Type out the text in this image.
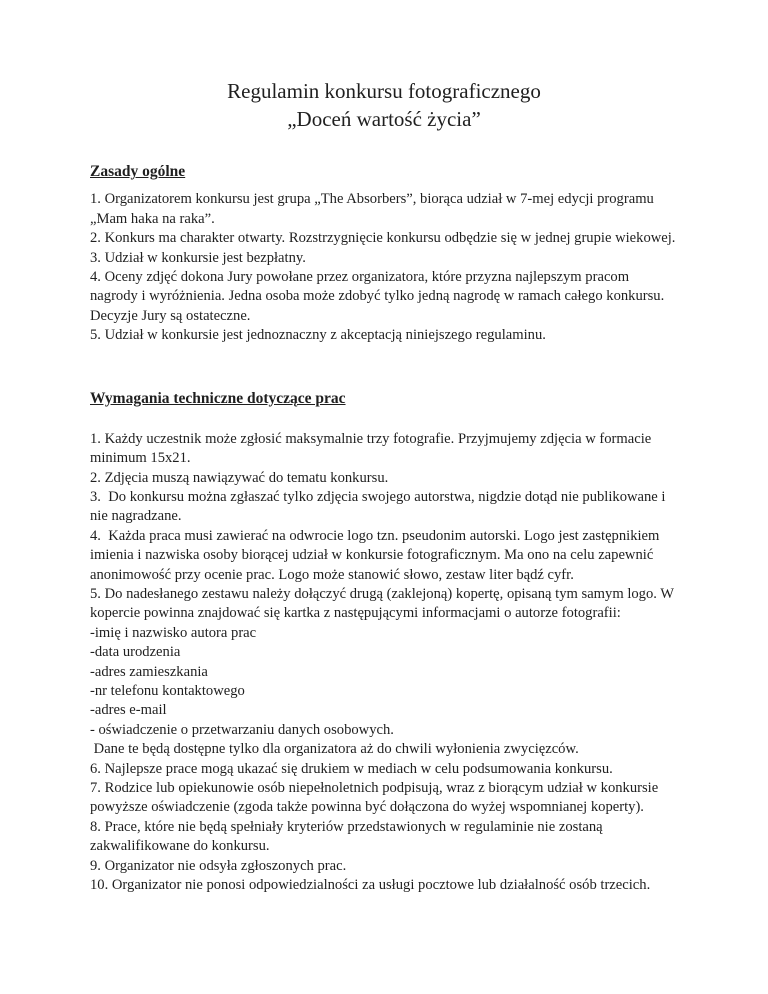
Regulamin konkursu fotograficznego
„Doceń wartość życia”
Zasady ogólne

1. Organizatorem konkursu jest grupa „The Absorbers”, biorąca udział w 7-mej edycji programu „Mam haka na raka”.

2. Konkurs ma charakter otwarty. Rozstrzygnięcie konkursu odbędzie się w jednej grupie wiekowej.

3. Udział w konkursie jest bezpłatny.

4. Oceny zdjęć dokona Jury powołane przez organizatora, które przyzna najlepszym pracom nagrody i wyróżnienia. Jedna osoba może zdobyć tylko jedną nagrodę w ramach całego konkursu. Decyzje Jury są ostateczne.

5. Udział w konkursie jest jednoznaczny z akceptacją niniejszego regulaminu.

Wymagania techniczne dotyczące prac

1. Każdy uczestnik może zgłosić maksymalnie trzy fotografie. Przyjmujemy zdjęcia w formacie minimum 15x21.

2. Zdjęcia muszą nawiązywać do tematu konkursu.

3.  Do konkursu można zgłaszać tylko zdjęcia swojego autorstwa, nigdzie dotąd nie publikowane i nie nagradzane.

4.  Każda praca musi zawierać na odwrocie logo tzn. pseudonim autorski. Logo jest zastępnikiem imienia i nazwiska osoby biorącej udział w konkursie fotograficznym. Ma ono na celu zapewnić anonimowość przy ocenie prac. Logo może stanowić słowo, zestaw liter bądź cyfr.

5. Do nadesłanego zestawu należy dołączyć drugą (zaklejoną) kopertę, opisaną tym samym logo. W kopercie powinna znajdować się kartka z następującymi informacjami o autorze fotografii:

-imię i nazwisko autora prac

-data urodzenia

-adres zamieszkania

-nr telefonu kontaktowego

-adres e-mail

- oświadczenie o przetwarzaniu danych osobowych.

Dane te będą dostępne tylko dla organizatora aż do chwili wyłonienia zwycięzców.

6. Najlepsze prace mogą ukazać się drukiem w mediach w celu podsumowania konkursu.

7. Rodzice lub opiekunowie osób niepełnoletnich podpisują, wraz z biorącym udział w konkursie powyższe oświadczenie (zgoda także powinna być dołączona do wyżej wspomnianej koperty).

8. Prace, które nie będą spełniały kryteriów przedstawionych w regulaminie nie zostaną zakwalifikowane do konkursu.

9. Organizator nie odsyła zgłoszonych prac.

10. Organizator nie ponosi odpowiedzialności za usługi pocztowe lub działalność osób trzecich.
